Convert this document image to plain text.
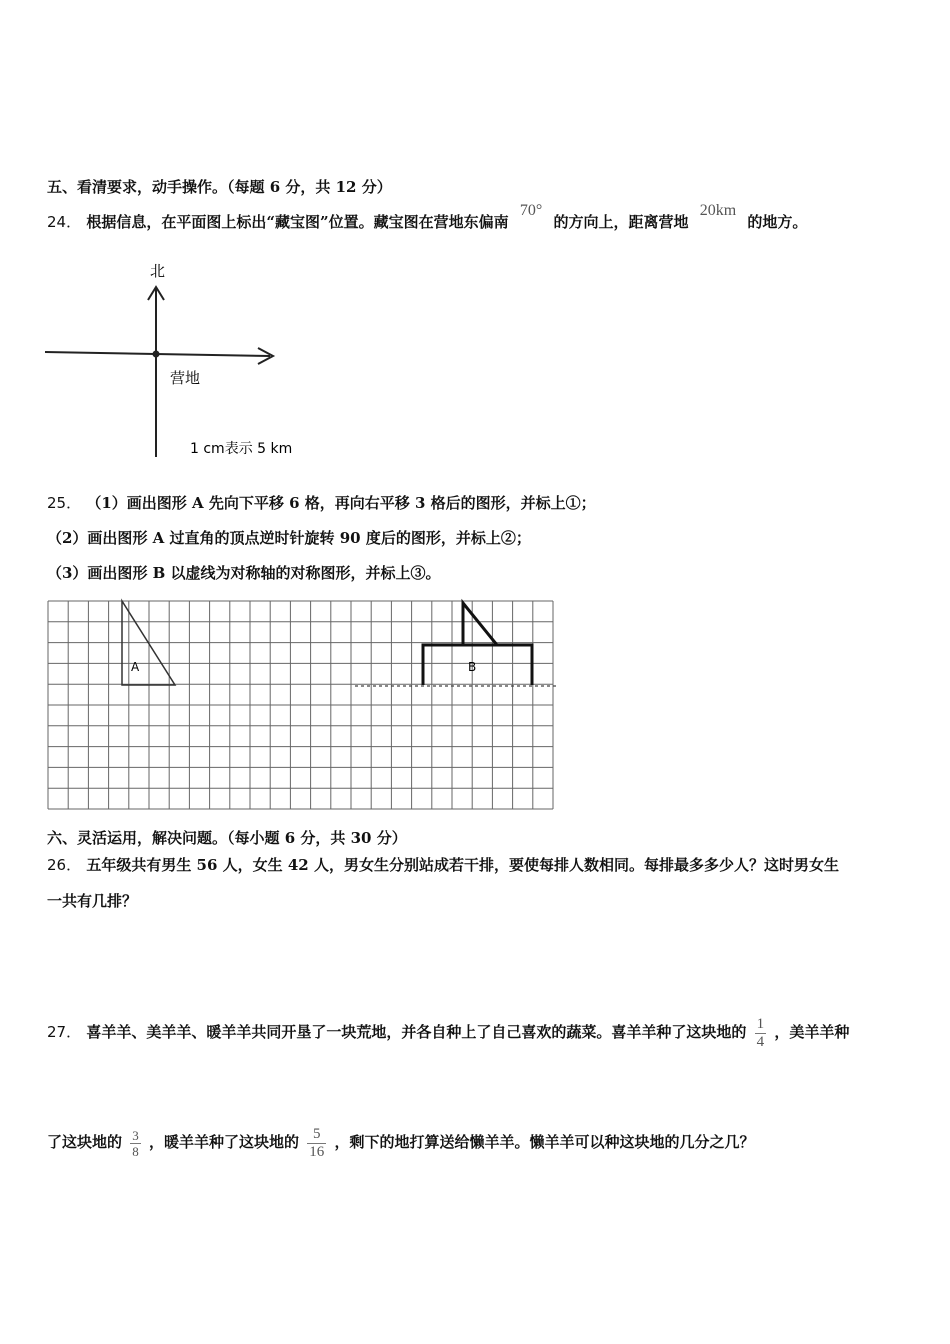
五、看清要求，动手操作。（每题 6 分，共 12 分）
24． 根据信息，在平面图上标出“藏宝图”位置。藏宝图在营地东偏南 70° 的方向上，距离营地 20km 的地方。
北
营地
1 cm表示 5 km
25． （1）画出图形 A 先向下平移 6 格，再向右平移 3 格后的图形，并标上①；
（2）画出图形 A 过直角的顶点逆时针旋转 90 度后的图形，并标上②；
（3）画出图形 B 以虚线为对称轴的对称图形，并标上③。
A	B
六、灵活运用，解决问题。（每小题 6 分，共 30 分）
26． 五年级共有男生 56 人，女生 42 人，男女生分别站成若干排，要使每排人数相同。每排最多多少人？这时男女生
一共有几排？
27． 喜羊羊、美羊羊、暖羊羊共同开垦了一块荒地，并各自种上了自己喜欢的蔬菜。喜羊羊种了这块地的 $\frac{1}{4}$ ，美羊羊种
了这块地的 $\frac{3}{8}$ ，暖羊羊种了这块地的 $\frac{5}{16}$ ，剩下的地打算送给懒羊羊。懒羊羊可以种这块地的几分之几？
